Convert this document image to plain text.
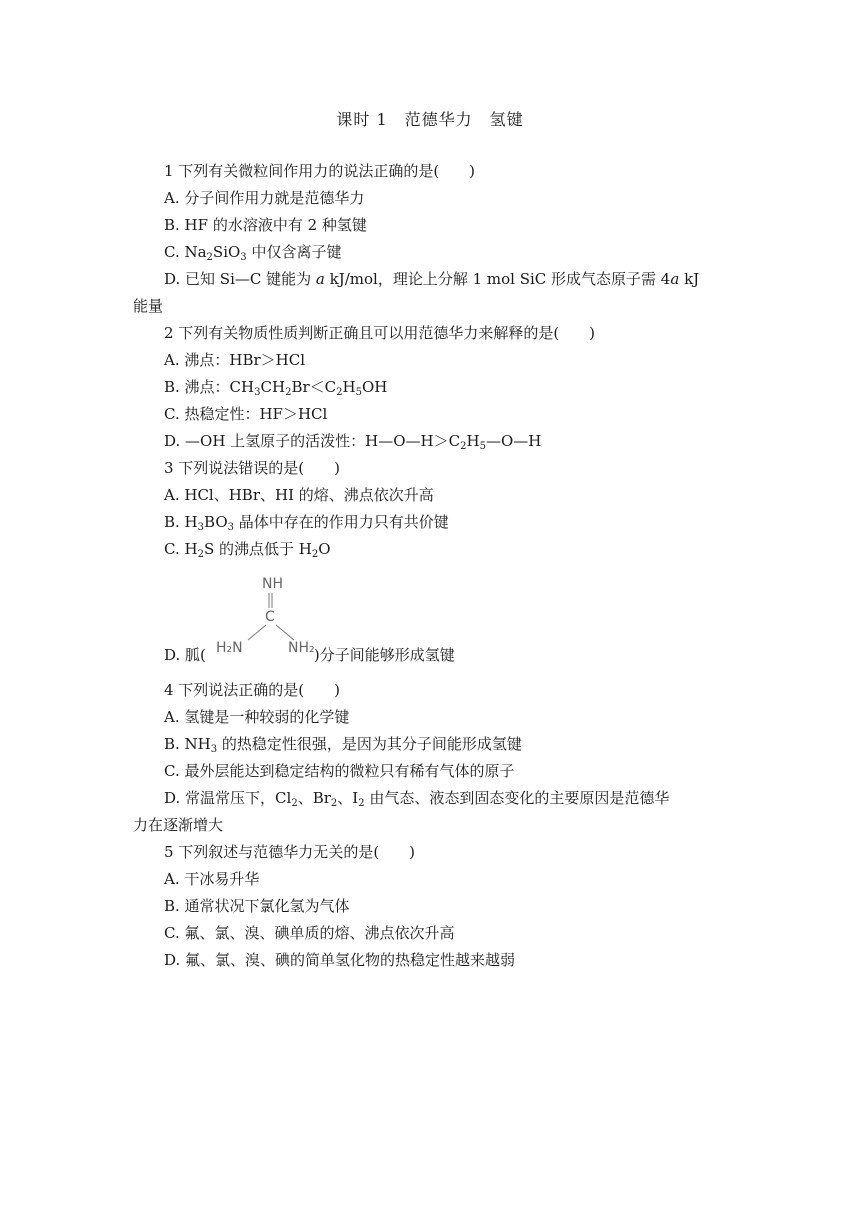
课时 1　范德华力　氢键
1 下列有关微粒间作用力的说法正确的是(　　)
A. 分子间作用力就是范德华力
B. HF 的水溶液中有 2 种氢键
C. $Na_2SiO_3$ 中仅含离子键
D. 已知 Si—C 键能为 a kJ/mol，理论上分解 1 mol SiC 形成气态原子需 4a kJ
能量
2 下列有关物质性质判断正确且可以用范德华力来解释的是(　　)
A. 沸点：HBr＞HCl
B. 沸点：$CH_3CH_2Br<C_2H_5OH$
C. 热稳定性：HF＞HCl
D. —OH 上氢原子的活泼性：$H—O—H>C_2H_5—O—H$
3 下列说法错误的是(　　)
A. HCl、HBr、HI 的熔、沸点依次升高
B. $H_3BO_3$ 晶体中存在的作用力只有共价键
C. $H_2S$ 的沸点低于 $H_2O$
NH
C
H₂N	NH₂
D. 胍(	)分子间能够形成氢键
4 下列说法正确的是(　　)
A. 氢键是一种较弱的化学键
B. $NH_3$ 的热稳定性很强，是因为其分子间能形成氢键
C. 最外层能达到稳定结构的微粒只有稀有气体的原子
D. 常温常压下，$Cl_2$、$Br_2$、$I_2$ 由气态、液态到固态变化的主要原因是范德华
力在逐渐增大
5 下列叙述与范德华力无关的是(　　)
A. 干冰易升华
B. 通常状况下氯化氢为气体
C. 氟、氯、溴、碘单质的熔、沸点依次升高
D. 氟、氯、溴、碘的简单氢化物的热稳定性越来越弱
